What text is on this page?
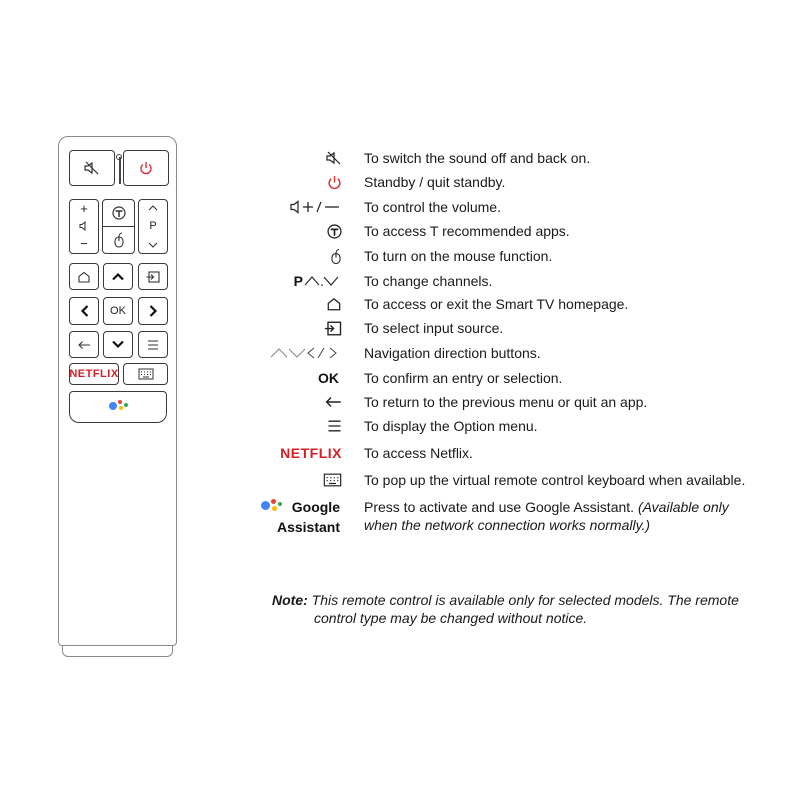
+
−
P
OK
NETFLIX
To switch the sound off and back on.
Standby / quit standby.
To control the volume.
To access T recommended apps.
To turn on the mouse function.
P	To change channels.
To access or exit the Smart TV homepage.
To select input source.
Navigation direction buttons.
OK To confirm an entry or selection.
To return to the previous menu or quit an app.
To display the Option menu.
NETFLIX To access Netflix.
To pop up the virtual remote control keyboard when available.
Google
Assistant
Press to activate and use Google Assistant. (Available only
when the network connection works normally.)
Note: This remote control is available only for selected models. The remote
control type may be changed without notice.
